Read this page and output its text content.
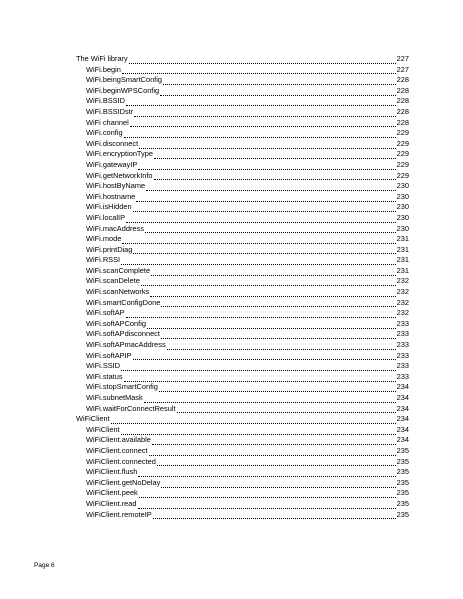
The WiFi library	227
WiFi.begin	227
WiFi.beingSmartConfig	228
WiFi.beginWPSConfig	228
WiFi.BSSID	228
WiFi.BSSIDstr	228
WiFi channel	228
WiFi.config	229
WiFi.disconnect	229
WiFi.encryptionType	229
WiFi.gatewayIP	229
WiFi.getNetworkInfo	229
WiFi.hostByName	230
WiFi.hostname	230
WiFi.isHidden	230
WiFi.localIP	230
WiFi.macAddress	230
WiFi.mode	231
WiFi.printDiag	231
WiFi.RSSI	231
WiFi.scanComplete	231
WiFi.scanDelete	232
WiFi.scanNetworks	232
WiFi.smartConfigDone	232
WiFi.softAP	232
WiFi.softAPConfig	233
WiFi.softAPdisconnect	233
WiFi.softAPmacAddress	233
WiFi.softAPIP	233
WiFi.SSID	233
WiFi.status	233
WiFi.stopSmartConfig	234
WiFi.subnetMask	234
WiFi.waitForConnectResult	234
WiFiClient	234
WiFiClient	234
WiFiClient.available	234
WiFiClient.connect	235
WiFiClient.connected	235
WiFiClient.flush	235
WiFiClient.getNoDelay	235
WiFiClient.peek	235
WiFiClient.read	235
WiFiClient.remoteIP	235
Page 6
